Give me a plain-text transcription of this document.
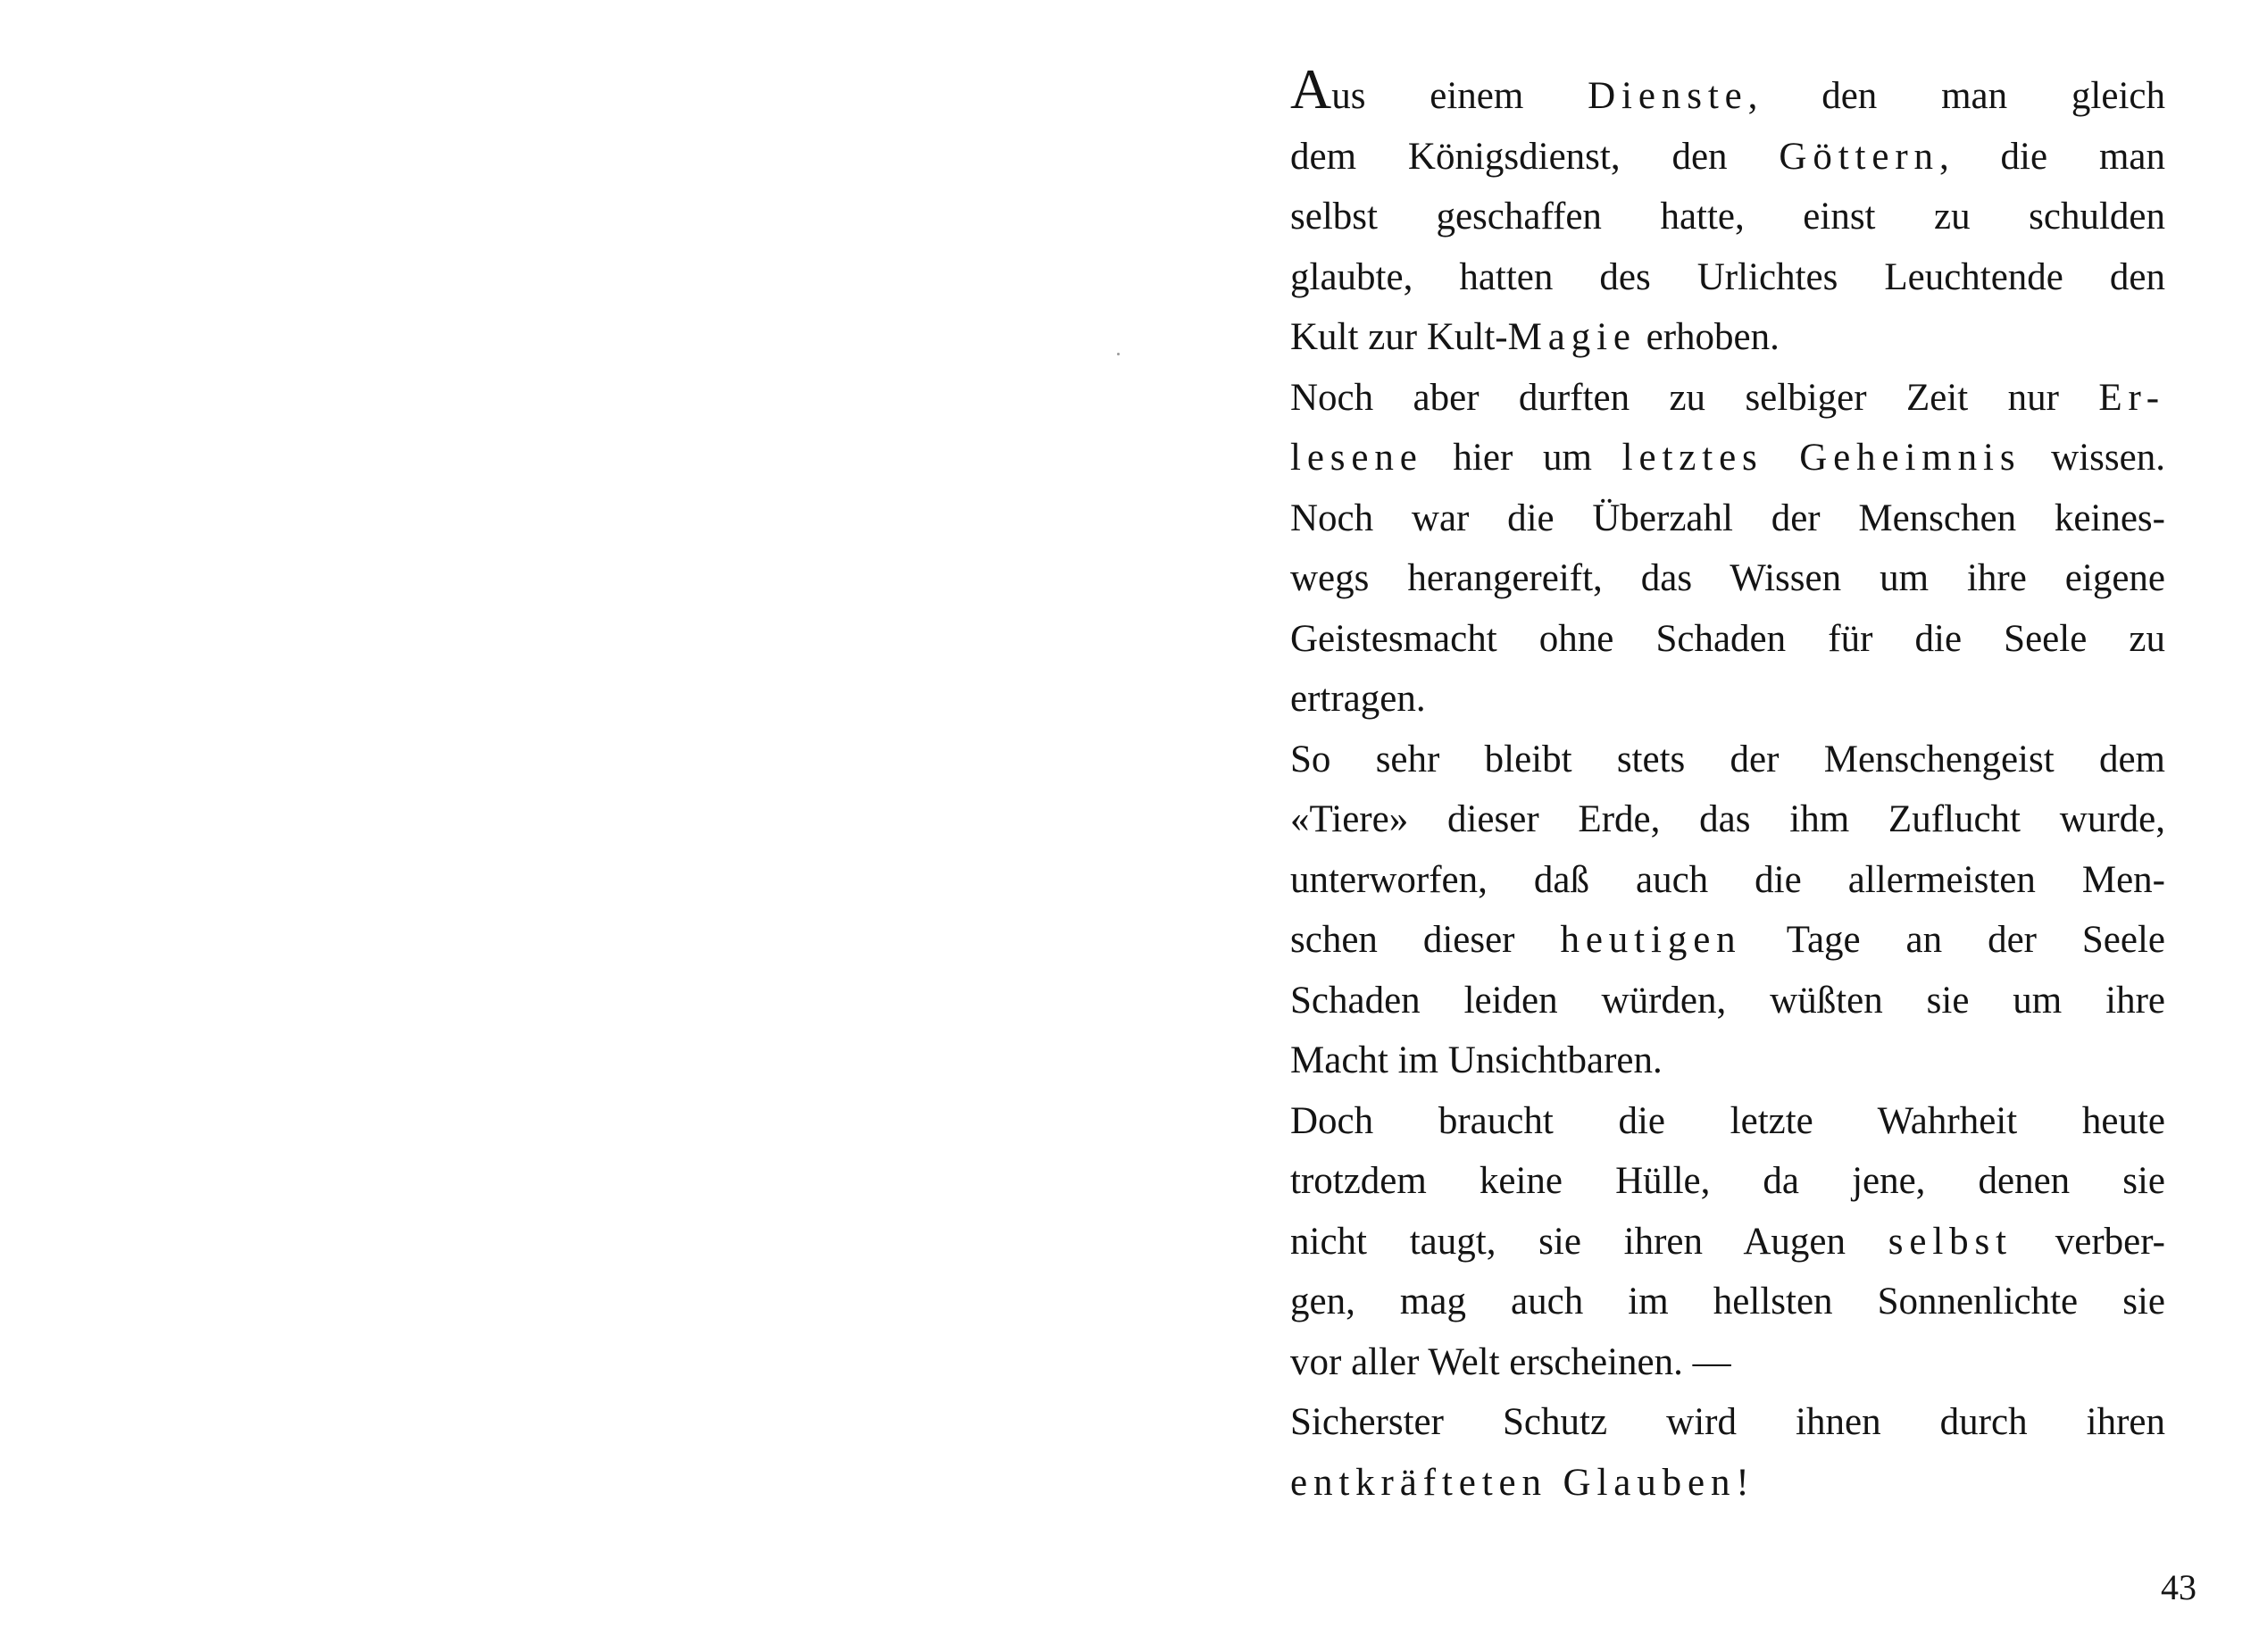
Aus einem Dienste, den man gleich
dem Königsdienst, den Göttern, die man
selbst geschaffen hatte, einst zu schulden
glaubte, hatten des Urlichtes Leuchtende den
Kult zur Kult-Magie erhoben.
Noch aber durften zu selbiger Zeit nur Er-
lesene hier um letztes Geheimnis wissen.
Noch war die Überzahl der Menschen keines-
wegs herangereift, das Wissen um ihre eigene
Geistesmacht ohne Schaden für die Seele zu
ertragen.
So sehr bleibt stets der Menschengeist dem
«Tiere» dieser Erde, das ihm Zuflucht wurde,
unterworfen, daß auch die allermeisten Men-
schen dieser heutigen Tage an der Seele
Schaden leiden würden, wüßten sie um ihre
Macht im Unsichtbaren.
Doch braucht die letzte Wahrheit heute
trotzdem keine Hülle, da jene, denen sie
nicht taugt, sie ihren Augen selbst verber-
gen, mag auch im hellsten Sonnenlichte sie
vor aller Welt erscheinen. —
Sicherster Schutz wird ihnen durch ihren
entkräfteten Glauben!
43
